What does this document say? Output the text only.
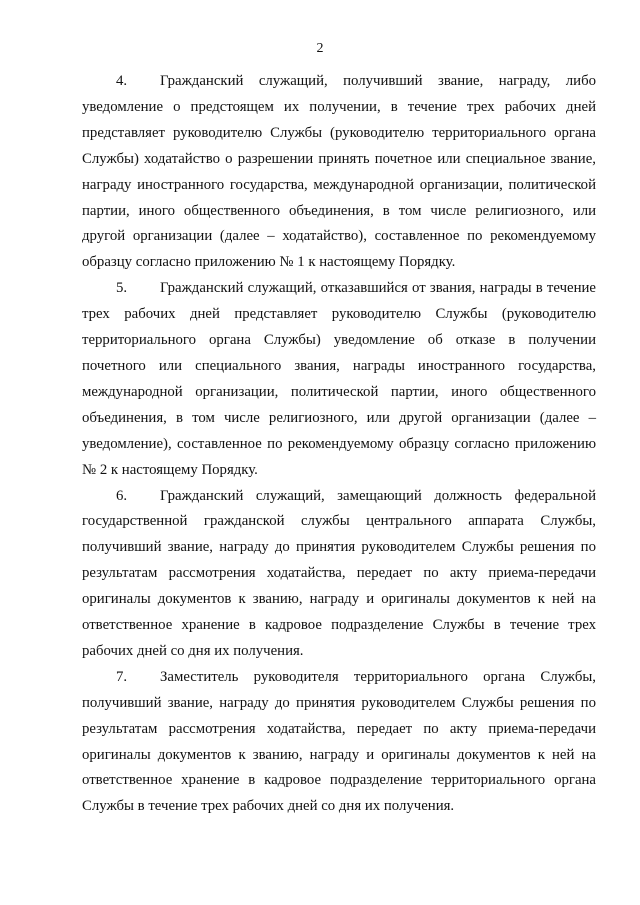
2

4. Гражданский служащий, получивший звание, награду, либо уведомление о предстоящем их получении, в течение трех рабочих дней представляет руководителю Службы (руководителю территориального органа Службы) ходатайство о разрешении принять почетное или специальное звание, награду иностранного государства, международной организации, политической партии, иного общественного объединения, в том числе религиозного, или другой организации (далее – ходатайство), составленное по рекомендуемому образцу согласно приложению № 1 к настоящему Порядку.

5. Гражданский служащий, отказавшийся от звания, награды в течение трех рабочих дней представляет руководителю Службы (руководителю территориального органа Службы) уведомление об отказе в получении почетного или специального звания, награды иностранного государства, международной организации, политической партии, иного общественного объединения, в том числе религиозного, или другой организации (далее – уведомление), составленное по рекомендуемому образцу согласно приложению № 2 к настоящему Порядку.

6. Гражданский служащий, замещающий должность федеральной государственной гражданской службы центрального аппарата Службы, получивший звание, награду до принятия руководителем Службы решения по результатам рассмотрения ходатайства, передает по акту приема-передачи оригиналы документов к званию, награду и оригиналы документов к ней на ответственное хранение в кадровое подразделение Службы в течение трех рабочих дней со дня их получения.

7. Заместитель руководителя территориального органа Службы, получивший звание, награду до принятия руководителем Службы решения по результатам рассмотрения ходатайства, передает по акту приема-передачи оригиналы документов к званию, награду и оригиналы документов к ней на ответственное хранение в кадровое подразделение территориального органа Службы в течение трех рабочих дней со дня их получения.
